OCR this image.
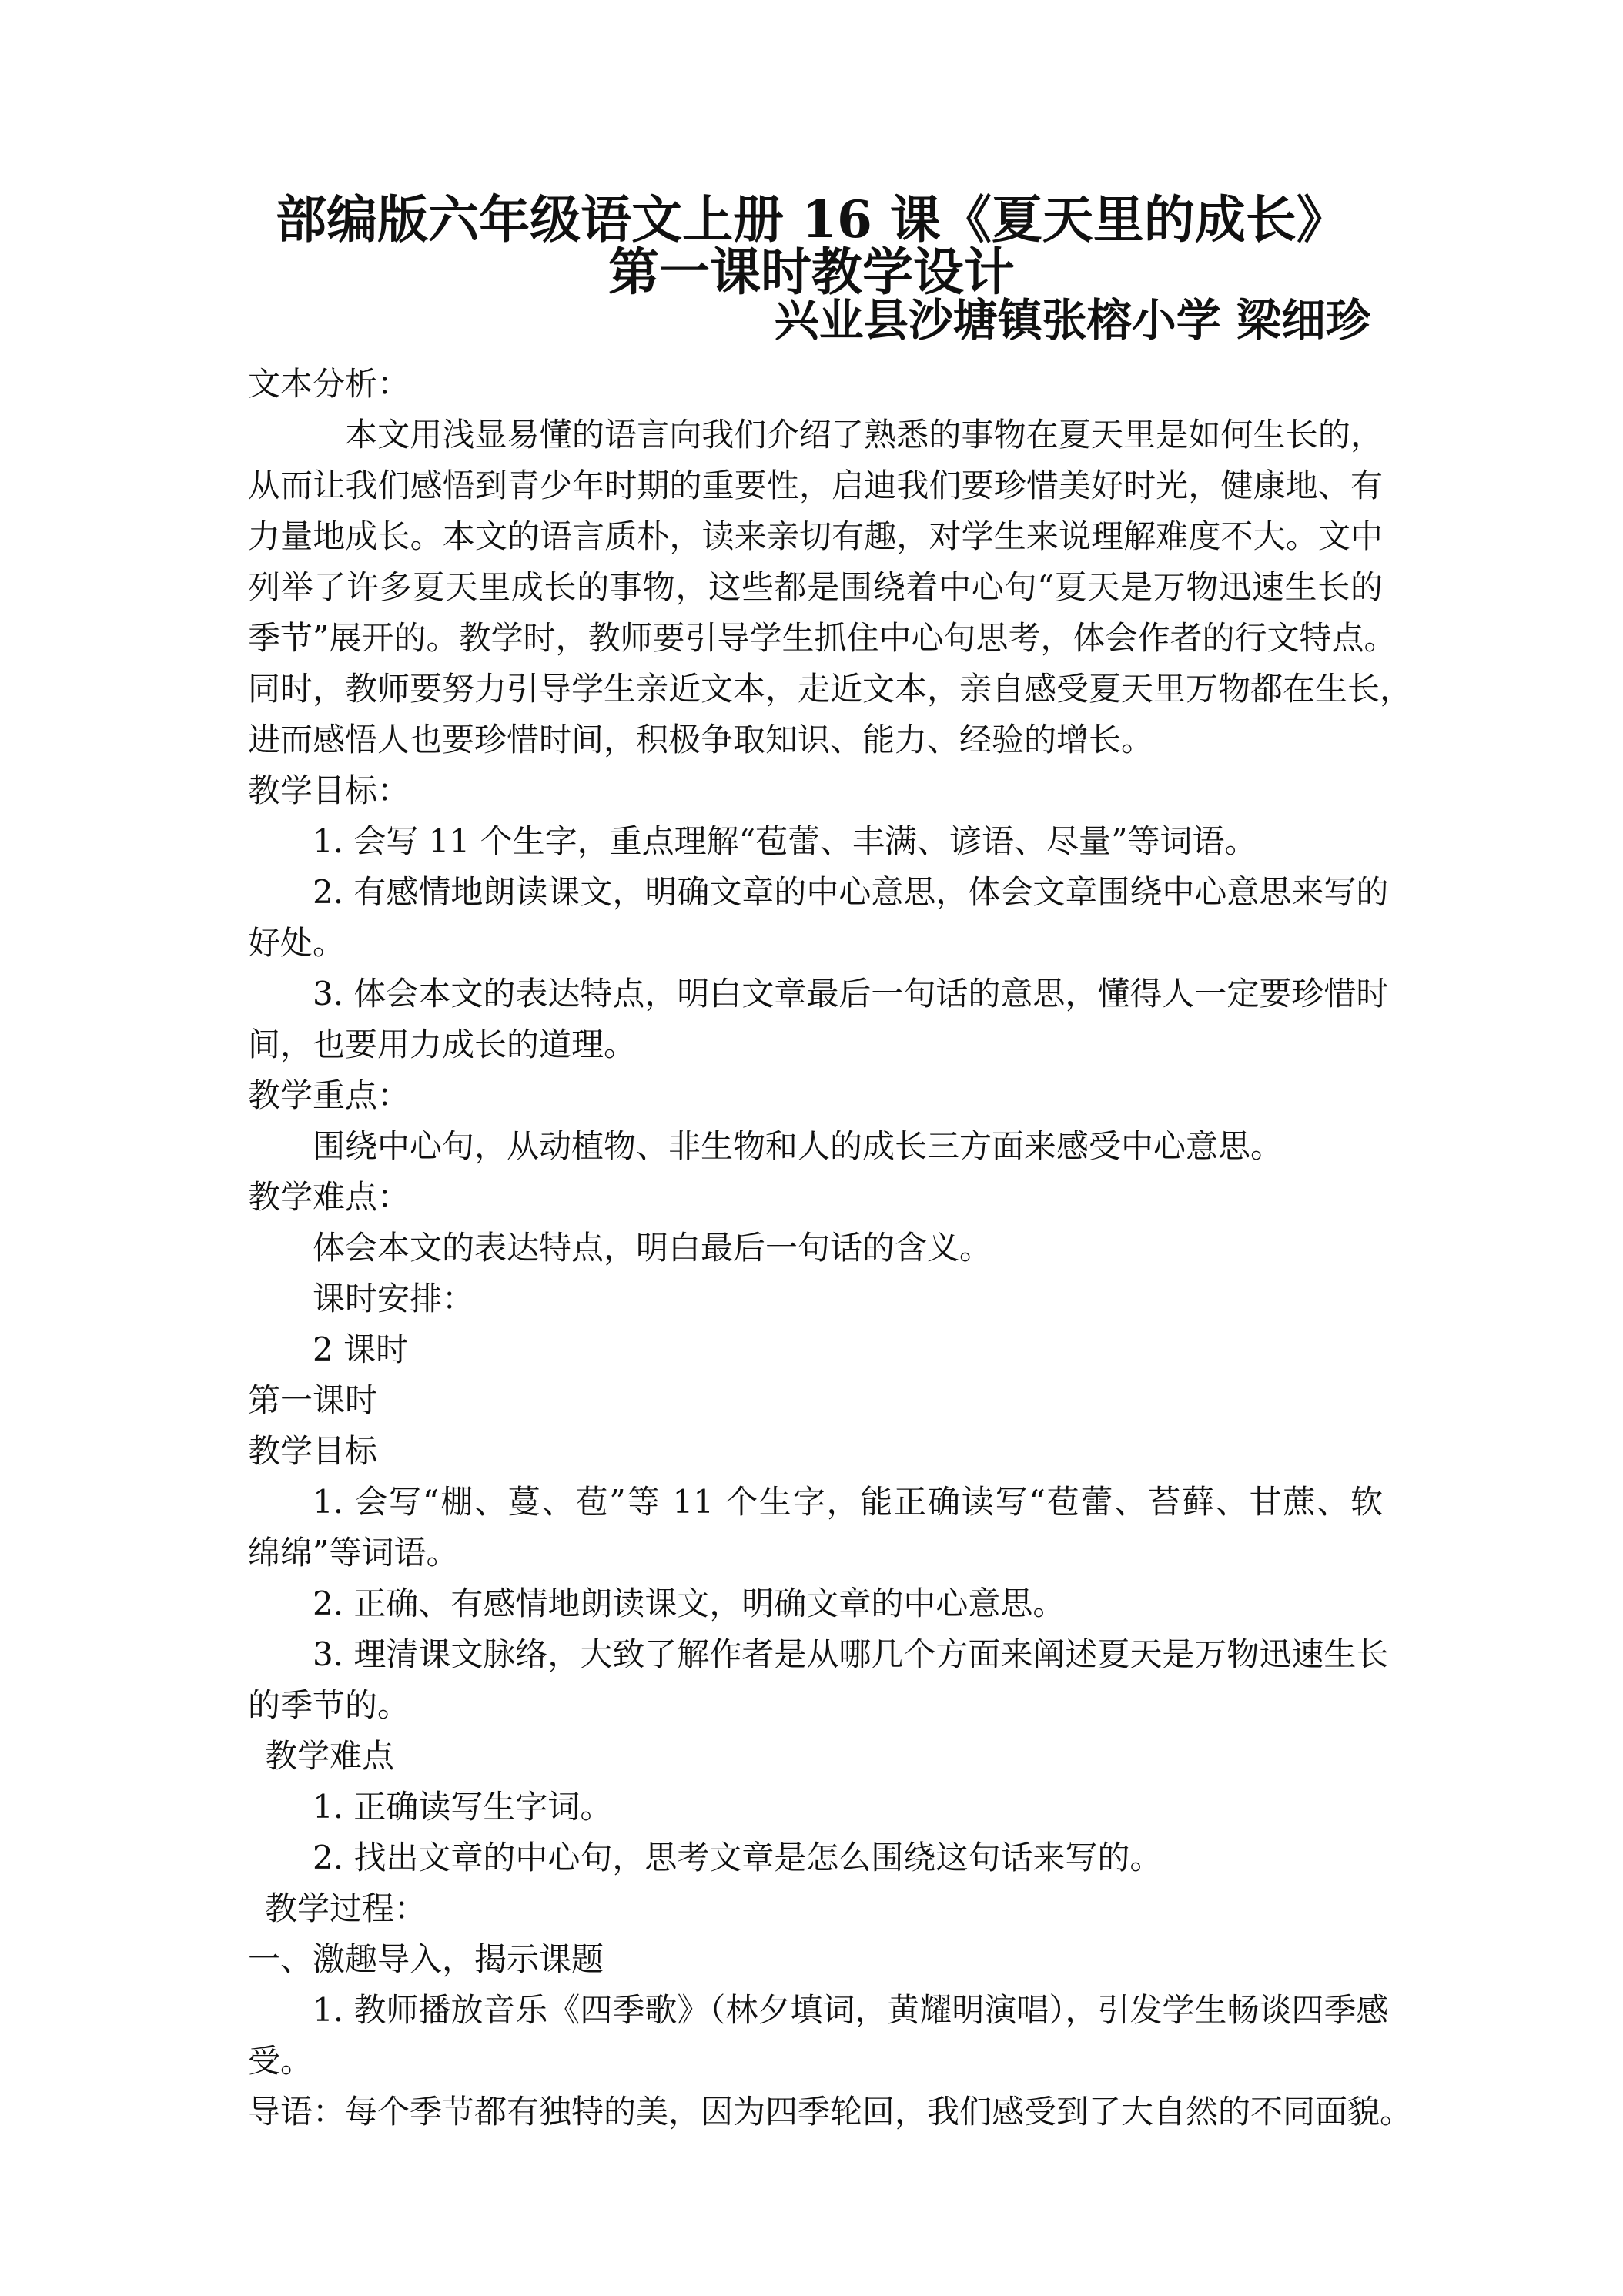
部编版六年级语文上册 16 课《夏天里的成长》
第一课时教学设计
兴业县沙塘镇张榕小学 梁细珍
文本分析：
本文用浅显易懂的语言向我们介绍了熟悉的事物在夏天里是如何生长的，
从而让我们感悟到青少年时期的重要性，启迪我们要珍惜美好时光，健康地、有
力量地成长。本文的语言质朴，读来亲切有趣，对学生来说理解难度不大。文中
列举了许多夏天里成长的事物，这些都是围绕着中心句“夏天是万物迅速生长的
季节”展开的。教学时，教师要引导学生抓住中心句思考，体会作者的行文特点。
同时，教师要努力引导学生亲近文本，走近文本，亲自感受夏天里万物都在生长，
进而感悟人也要珍惜时间，积极争取知识、能力、经验的增长。
教学目标：
1. 会写 11 个生字，重点理解“苞蕾、丰满、谚语、尽量”等词语。
2. 有感情地朗读课文，明确文章的中心意思，体会文章围绕中心意思来写的
好处。
3. 体会本文的表达特点，明白文章最后一句话的意思，懂得人一定要珍惜时
间，也要用力成长的道理。
教学重点：
围绕中心句，从动植物、非生物和人的成长三方面来感受中心意思。
教学难点：
体会本文的表达特点，明白最后一句话的含义。
课时安排：
2 课时
第一课时
教学目标
1. 会写“棚、蔓、苞”等 11 个生字，能正确读写“苞蕾、苔藓、甘蔗、软
绵绵”等词语。
2. 正确、有感情地朗读课文，明确文章的中心意思。
3. 理清课文脉络，大致了解作者是从哪几个方面来阐述夏天是万物迅速生长
的季节的。
教学难点
1. 正确读写生字词。
2. 找出文章的中心句，思考文章是怎么围绕这句话来写的。
教学过程：
一、激趣导入，揭示课题
1. 教师播放音乐《四季歌》（林夕填词，黄耀明演唱），引发学生畅谈四季感
受。
导语：每个季节都有独特的美，因为四季轮回，我们感受到了大自然的不同面貌。
